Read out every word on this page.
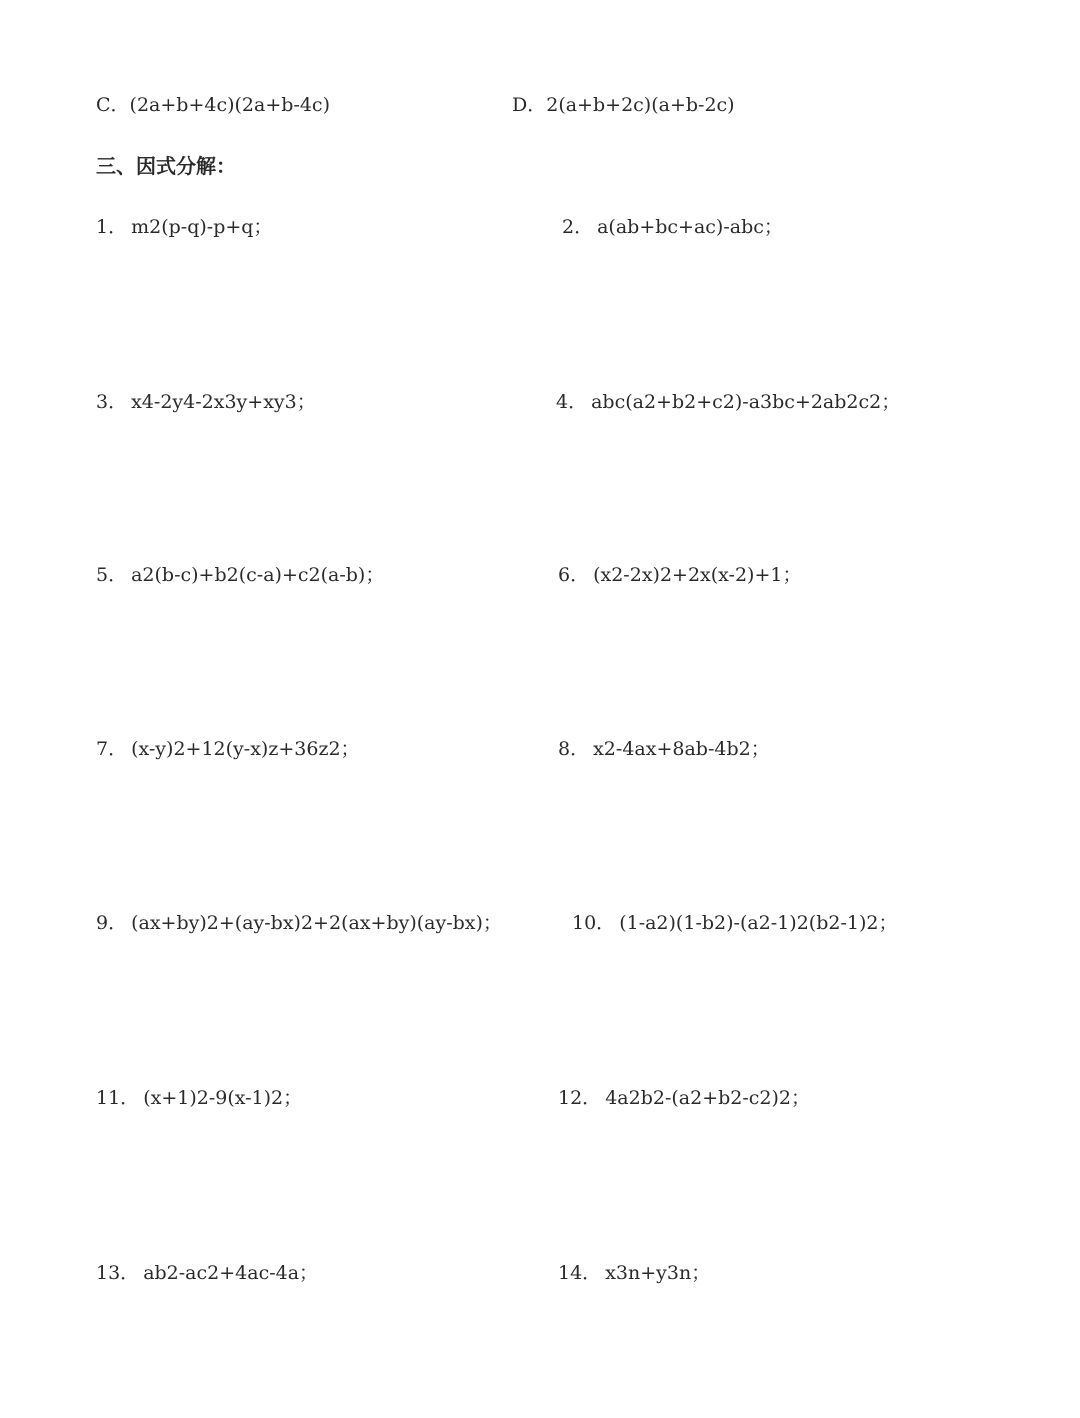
C．(2a+b+4c)(2a+b-4c)	D．2(a+b+2c)(a+b-2c)
三、因式分解：
1． m2(p-q)-p+q；	2． a(ab+bc+ac)-abc；
3． x4-2y4-2x3y+xy3；	4． abc(a2+b2+c2)-a3bc+2ab2c2；
5． a2(b-c)+b2(c-a)+c2(a-b)；	6． (x2-2x)2+2x(x-2)+1；
7． (x-y)2+12(y-x)z+36z2；	8． x2-4ax+8ab-4b2；
9． (ax+by)2+(ay-bx)2+2(ax+by)(ay-bx)；	10． (1-a2)(1-b2)-(a2-1)2(b2-1)2；
11． (x+1)2-9(x-1)2；	12． 4a2b2-(a2+b2-c2)2；
13． ab2-ac2+4ac-4a；	14． x3n+y3n；
